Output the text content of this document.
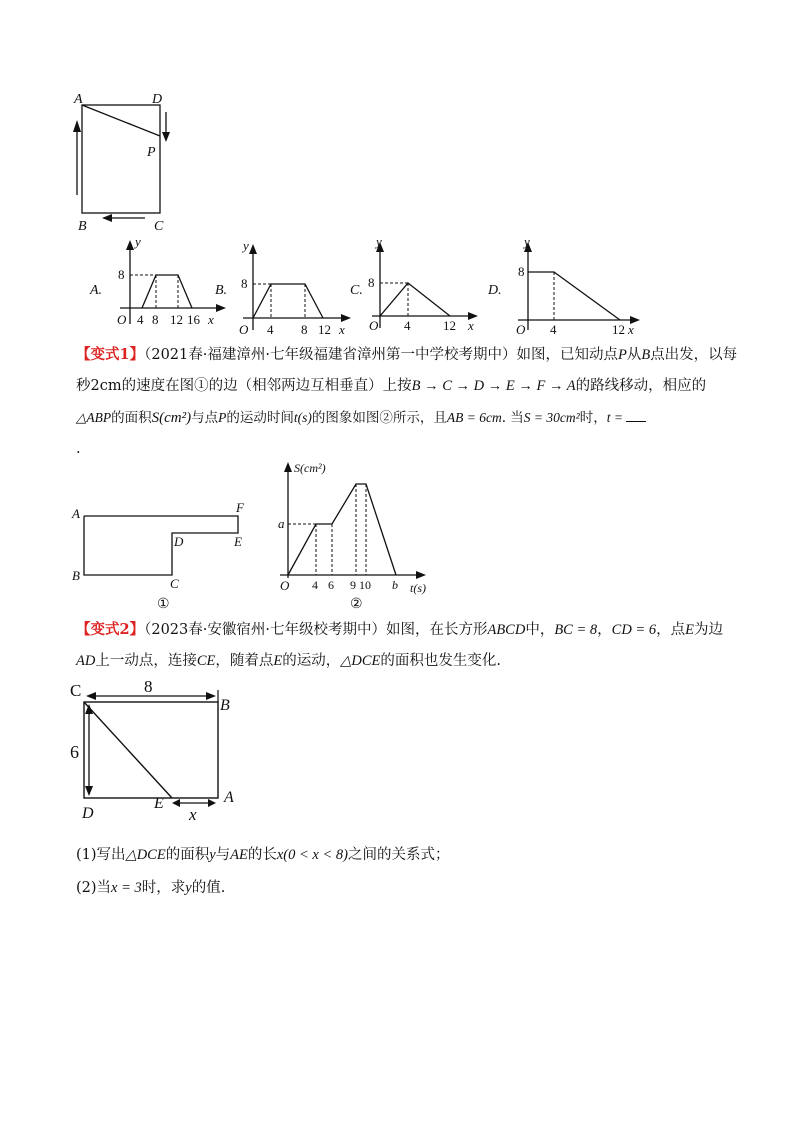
A	D
P
B	C
A.
y
x
O
8
4 8 12 16
B.
y
x
O
8
4 8 12
C.
y
x
O
8
4	12
D.
y
x
O
8
4	12
【变式1】（2021春·福建漳州·七年级福建省漳州第一中学校考期中）如图，已知动点P从B点出发，以每
秒2cm的速度在图①的边（相邻两边互相垂直）上按B → C → D → E → F → A的路线移动，相应的
△ABP的面积S(cm²)与点P的运动时间t(s)的图象如图②所示，且AB = 6cm. 当S = 30cm²时，t =
.
A	F
D	E
B
C
①
S(cm²)
t(s)
O
a
4 6 9 10 b
②
【变式2】（2023春·安徽宿州·七年级校考期中）如图，在长方形ABCD中，BC = 8，CD = 6，点E为边
AD上一动点，连接CE，随着点E的运动，△DCE的面积也发生变化.
C	8
B
6
D
E	A
x
(1)写出△DCE的面积y与AE的长x(0 < x < 8)之间的关系式；
(2)当x = 3时，求y的值.
